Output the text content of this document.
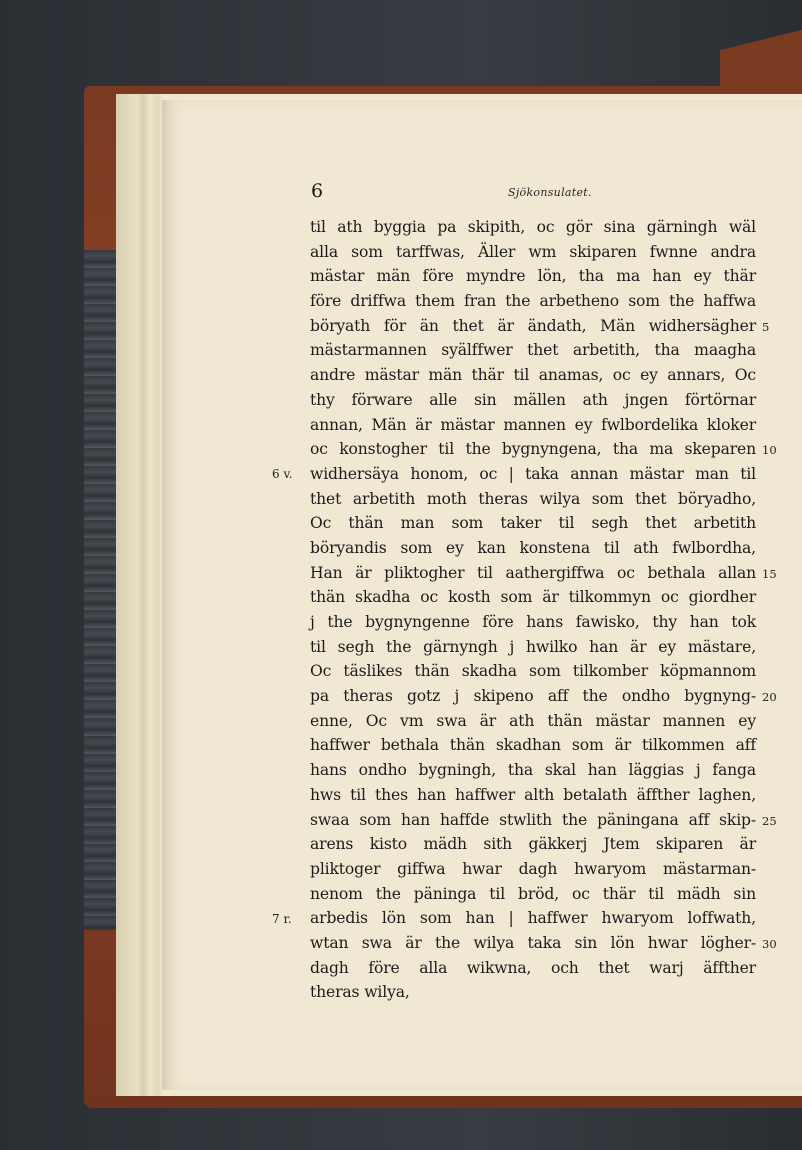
6	Sjökonsulatet.
til ath byggia pa skipith, oc gör sina gärningh wäl
alla som tarffwas, Äller wm skiparen fwnne andra
mästar män före myndre lön, tha ma han ey thär
före driffwa them fran the arbetheno som the haffwa
böryath för än thet är ändath, Män widhersägher
mästarmannen syälffwer thet arbetith, tha maagha
andre mästar män thär til anamas, oc ey annars, Oc
thy förware alle sin mällen ath jngen förtörnar
annan, Män är mästar mannen ey fwlbordelika kloker
oc konstogher til the bygnyngena, tha ma skeparen
widhersäya honom, oc | taka annan mästar man til
thet arbetith moth theras wilya som thet böryadho,
Oc thän man som taker til segh thet arbetith
böryandis som ey kan konstena til ath fwlbordha,
Han är pliktogher til aathergiffwa oc bethala allan
thän skadha oc kosth som är tilkommyn oc giordher
j the bygnyngenne före hans fawisko, thy han tok
til segh the gärnyngh j hwilko han är ey mästare,
Oc täslikes thän skadha som tilkomber köpmannom
pa theras gotz j skipeno aff the ondho bygnyng-
enne, Oc vm swa är ath thän mästar mannen ey
haffwer bethala thän skadhan som är tilkommen aff
hans ondho bygningh, tha skal han läggias j fanga
hws til thes han haffwer alth betalath äffther laghen,
swaa som han haffde stwlith the päningana aff skip-
arens kisto mädh sith gäkkerj Jtem skiparen är
pliktoger giffwa hwar dagh hwaryom mästarman-
nenom the päninga til bröd, oc thär til mädh sin
arbedis lön som han | haffwer hwaryom loffwath,
wtan swa är the wilya taka sin lön hwar lögher-
dagh före alla wikwna, och thet warj äffther
theras wilya,
6 v.
7 r.
5
10
15
20
25
30
